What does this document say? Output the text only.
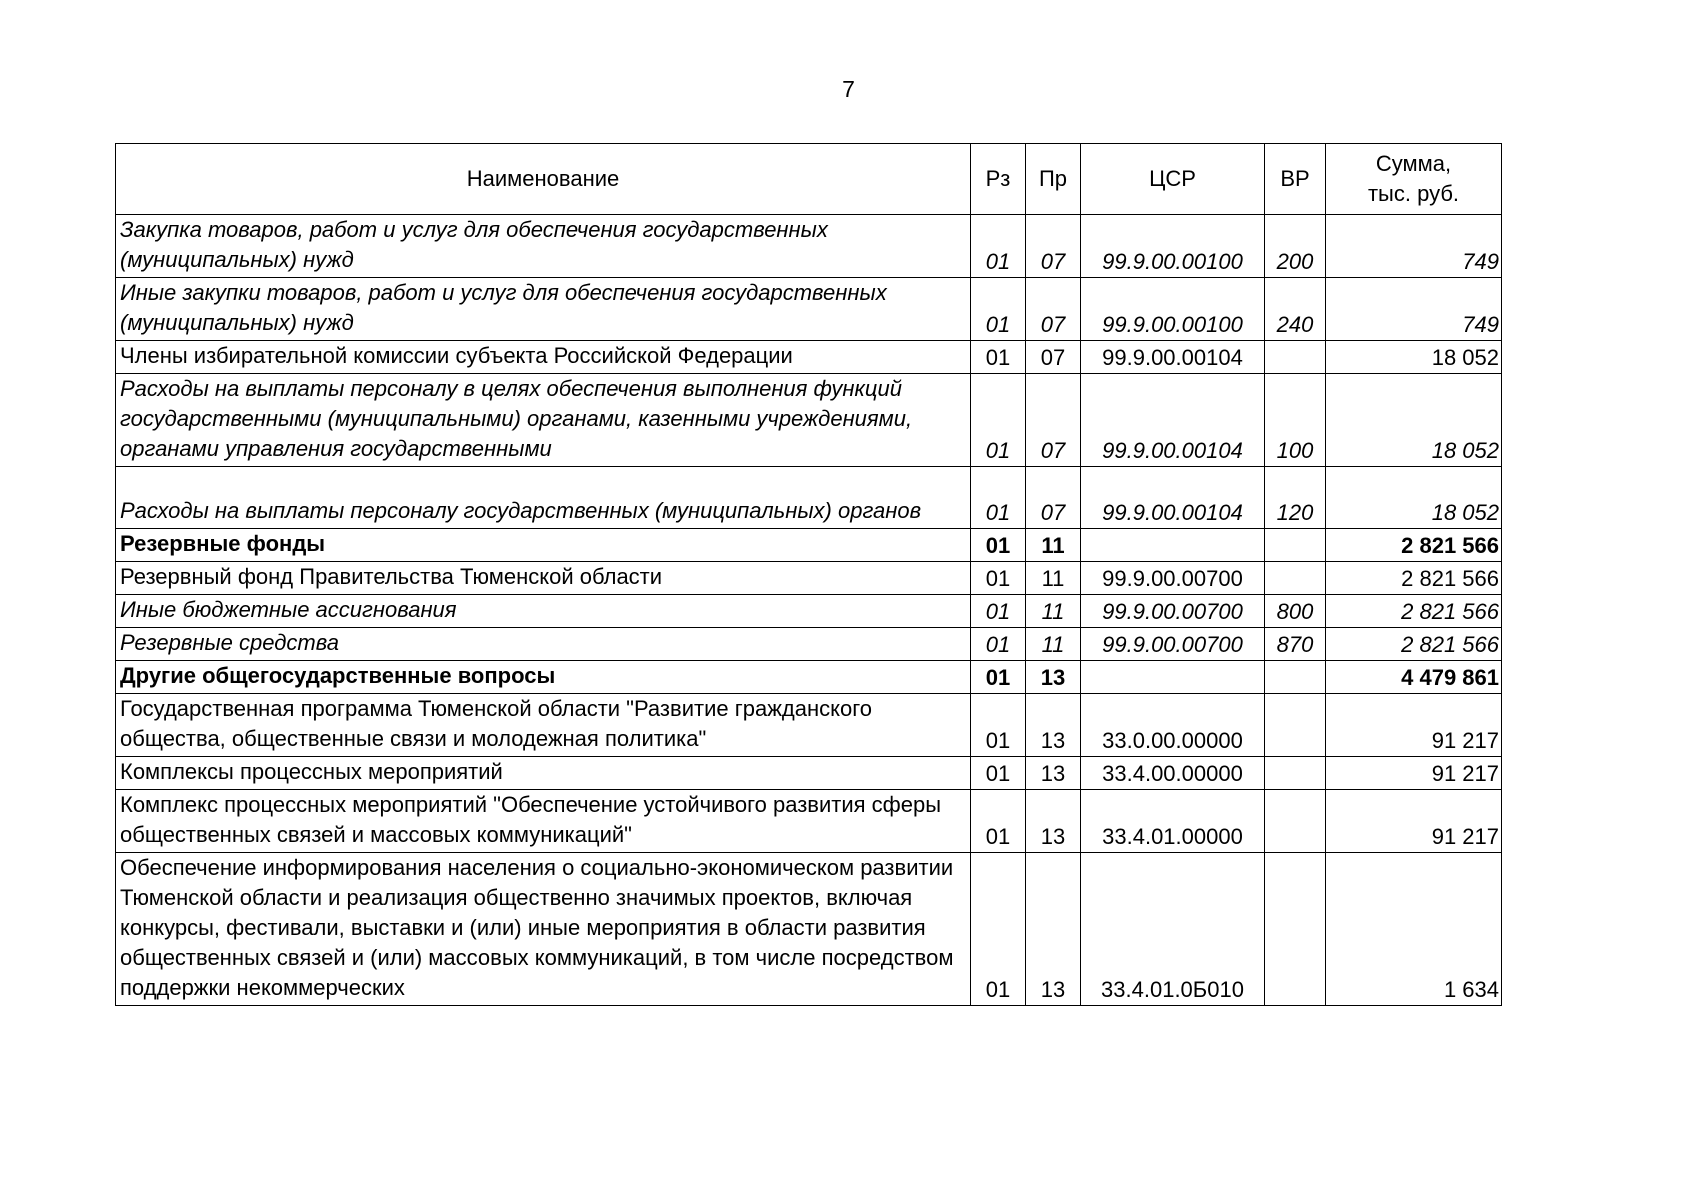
7
Наименование	Рз	Пр	ЦСР	ВР	Сумма,
тыс. руб.
Закупка товаров, работ и услуг для обеспечения государственных (муниципальных) нужд	01	07	99.9.00.00100	200	749
Иные закупки товаров, работ и услуг для обеспечения государственных (муниципальных) нужд	01	07	99.9.00.00100	240	749
Члены избирательной комиссии субъекта Российской Федерации	01	07	99.9.00.00104		18 052
Расходы на выплаты персоналу в целях обеспечения выполнения функций государственными (муниципальными) органами, казенными учреждениями, органами управления государственными	01	07	99.9.00.00104	100	18 052
Расходы на выплаты персоналу государственных (муниципальных) органов	01	07	99.9.00.00104	120	18 052
Резервные фонды	01	11			2 821 566
Резервный фонд Правительства Тюменской области	01	11	99.9.00.00700		2 821 566
Иные бюджетные ассигнования	01	11	99.9.00.00700	800	2 821 566
Резервные средства	01	11	99.9.00.00700	870	2 821 566
Другие общегосударственные вопросы	01	13			4 479 861
Государственная программа Тюменской области "Развитие гражданского общества, общественные связи и молодежная политика"	01	13	33.0.00.00000		91 217
Комплексы процессных мероприятий	01	13	33.4.00.00000		91 217
Комплекс процессных мероприятий "Обеспечение устойчивого развития сферы общественных связей и массовых коммуникаций"	01	13	33.4.01.00000		91 217
Обеспечение информирования населения о социально-экономическом развитии Тюменской области и реализация общественно значимых проектов, включая конкурсы, фестивали, выставки и (или) иные мероприятия в области развития общественных связей и (или) массовых коммуникаций, в том числе посредством поддержки некоммерческих	01	13	33.4.01.0Б010		1 634
